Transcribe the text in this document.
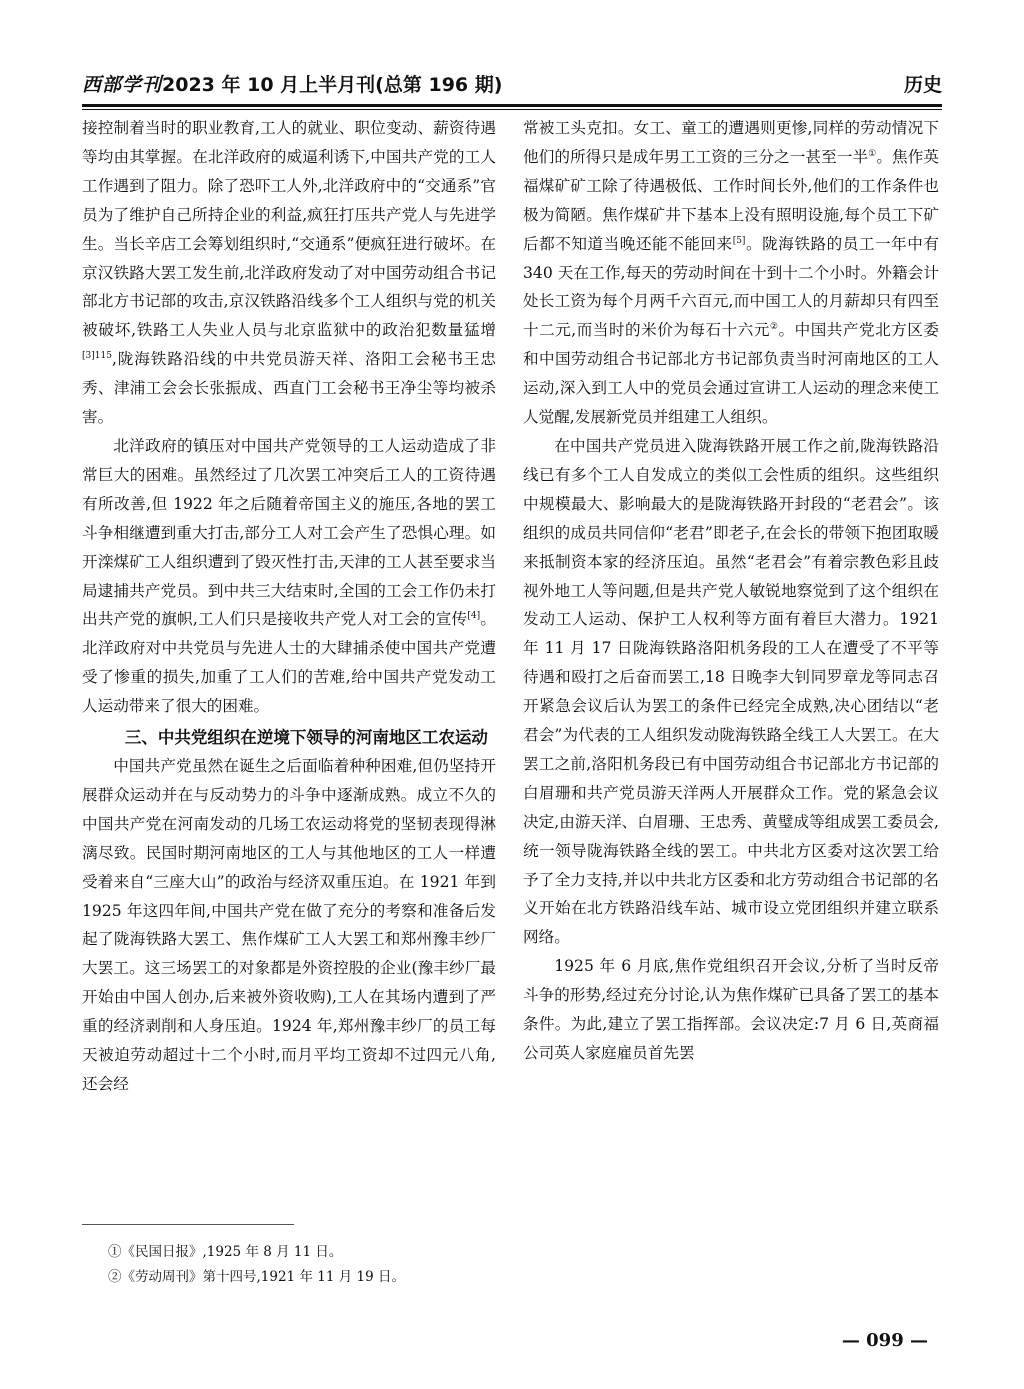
西部学刊2023 年 10 月上半月刊(总第 196 期)	历史

接控制着当时的职业教育,工人的就业、职位变动、薪资待遇等均由其掌握。在北洋政府的威逼利诱下,中国共产党的工人工作遇到了阻力。除了恐吓工人外,北洋政府中的“交通系”官员为了维护自己所持企业的利益,疯狂打压共产党人与先进学生。当长辛店工会筹划组织时,“交通系”便疯狂进行破坏。在京汉铁路大罢工发生前,北洋政府发动了对中国劳动组合书记部北方书记部的攻击,京汉铁路沿线多个工人组织与党的机关被破坏,铁路工人失业人员与北京监狱中的政治犯数量猛增$^{[3]115}$,陇海铁路沿线的中共党员游天祥、洛阳工会秘书王忠秀、津浦工会会长张振成、西直门工会秘书王净尘等均被杀害。

北洋政府的镇压对中国共产党领导的工人运动造成了非常巨大的困难。虽然经过了几次罢工冲突后工人的工资待遇有所改善,但 1922 年之后随着帝国主义的施压,各地的罢工斗争相继遭到重大打击,部分工人对工会产生了恐惧心理。如开滦煤矿工人组织遭到了毁灭性打击,天津的工人甚至要求当局逮捕共产党员。到中共三大结束时,全国的工会工作仍未打出共产党的旗帜,工人们只是接收共产党人对工会的宣传[4]。北洋政府对中共党员与先进人士的大肆捕杀使中国共产党遭受了惨重的损失,加重了工人们的苦难,给中国共产党发动工人运动带来了很大的困难。

三、中共党组织在逆境下领导的河南地区工农运动

中国共产党虽然在诞生之后面临着种种困难,但仍坚持开展群众运动并在与反动势力的斗争中逐渐成熟。成立不久的中国共产党在河南发动的几场工农运动将党的坚韧表现得淋漓尽致。民国时期河南地区的工人与其他地区的工人一样遭受着来自“三座大山”的政治与经济双重压迫。在 1921 年到 1925 年这四年间,中国共产党在做了充分的考察和准备后发起了陇海铁路大罢工、焦作煤矿工人大罢工和郑州豫丰纱厂大罢工。这三场罢工的对象都是外资控股的企业(豫丰纱厂最开始由中国人创办,后来被外资收购),工人在其场内遭到了严重的经济剥削和人身压迫。1924 年,郑州豫丰纱厂的员工每天被迫劳动超过十二个小时,而月平均工资却不过四元八角,还会经

常被工头克扣。女工、童工的遭遇则更惨,同样的劳动情况下他们的所得只是成年男工工资的三分之一甚至一半①。焦作英福煤矿矿工除了待遇极低、工作时间长外,他们的工作条件也极为简陋。焦作煤矿井下基本上没有照明设施,每个员工下矿后都不知道当晚还能不能回来[5]。陇海铁路的员工一年中有 340 天在工作,每天的劳动时间在十到十二个小时。外籍会计处长工资为每个月两千六百元,而中国工人的月薪却只有四至十二元,而当时的米价为每石十六元②。中国共产党北方区委和中国劳动组合书记部北方书记部负责当时河南地区的工人运动,深入到工人中的党员会通过宣讲工人运动的理念来使工人觉醒,发展新党员并组建工人组织。

在中国共产党员进入陇海铁路开展工作之前,陇海铁路沿线已有多个工人自发成立的类似工会性质的组织。这些组织中规模最大、影响最大的是陇海铁路开封段的“老君会”。该组织的成员共同信仰“老君”即老子,在会长的带领下抱团取暖来抵制资本家的经济压迫。虽然“老君会”有着宗教色彩且歧视外地工人等问题,但是共产党人敏锐地察觉到了这个组织在发动工人运动、保护工人权利等方面有着巨大潜力。1921 年 11 月 17 日陇海铁路洛阳机务段的工人在遭受了不平等待遇和殴打之后奋而罢工,18 日晚李大钊同罗章龙等同志召开紧急会议后认为罢工的条件已经完全成熟,决心团结以“老君会”为代表的工人组织发动陇海铁路全线工人大罢工。在大罢工之前,洛阳机务段已有中国劳动组合书记部北方书记部的白眉珊和共产党员游天洋两人开展群众工作。党的紧急会议决定,由游天洋、白眉珊、王忠秀、黄璧成等组成罢工委员会,统一领导陇海铁路全线的罢工。中共北方区委对这次罢工给予了全力支持,并以中共北方区委和北方劳动组合书记部的名义开始在北方铁路沿线车站、城市设立党团组织并建立联系网络。

1925 年 6 月底,焦作党组织召开会议,分析了当时反帝斗争的形势,经过充分讨论,认为焦作煤矿已具备了罢工的基本条件。为此,建立了罢工指挥部。会议决定:7 月 6 日,英商福公司英人家庭雇员首先罢

①《民国日报》,1925 年 8 月 11 日。
②《劳动周刊》第十四号,1921 年 11 月 19 日。
— 099 —
